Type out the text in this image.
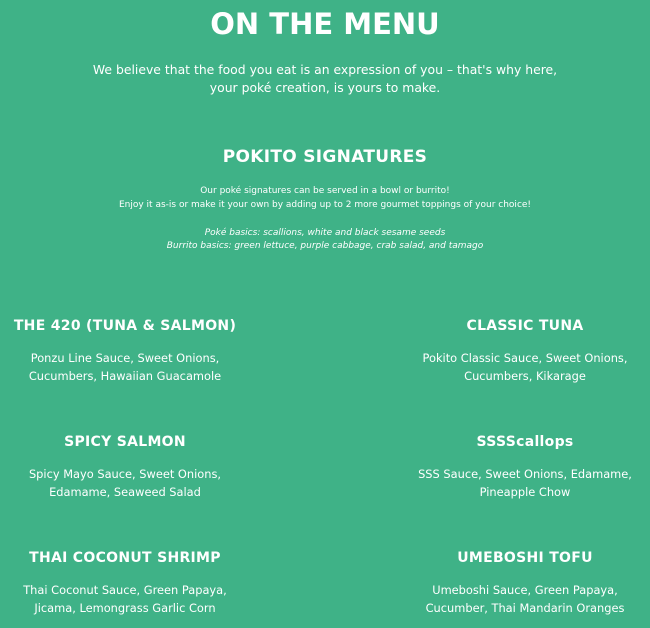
ON THE MENU

We believe that the food you eat is an expression of you – that's why here,
your poké creation, is yours to make.

POKITO SIGNATURES

Our poké signatures can be served in a bowl or burrito!
Enjoy it as-is or make it your own by adding up to 2 more gourmet toppings of your choice!

Poké basics: scallions, white and black sesame seeds
Burrito basics: green lettuce, purple cabbage, crab salad, and tamago

THE 420 (TUNA & SALMON)

Ponzu Line Sauce, Sweet Onions,
Cucumbers, Hawaiian Guacamole

CLASSIC TUNA

Pokito Classic Sauce, Sweet Onions,
Cucumbers, Kikarage

SPICY SALMON

Spicy Mayo Sauce, Sweet Onions,
Edamame, Seaweed Salad

SSSScallops

SSS Sauce, Sweet Onions, Edamame,
Pineapple Chow

THAI COCONUT SHRIMP

Thai Coconut Sauce, Green Papaya,
Jicama, Lemongrass Garlic Corn

UMEBOSHI TOFU

Umeboshi Sauce, Green Papaya,
Cucumber, Thai Mandarin Oranges
